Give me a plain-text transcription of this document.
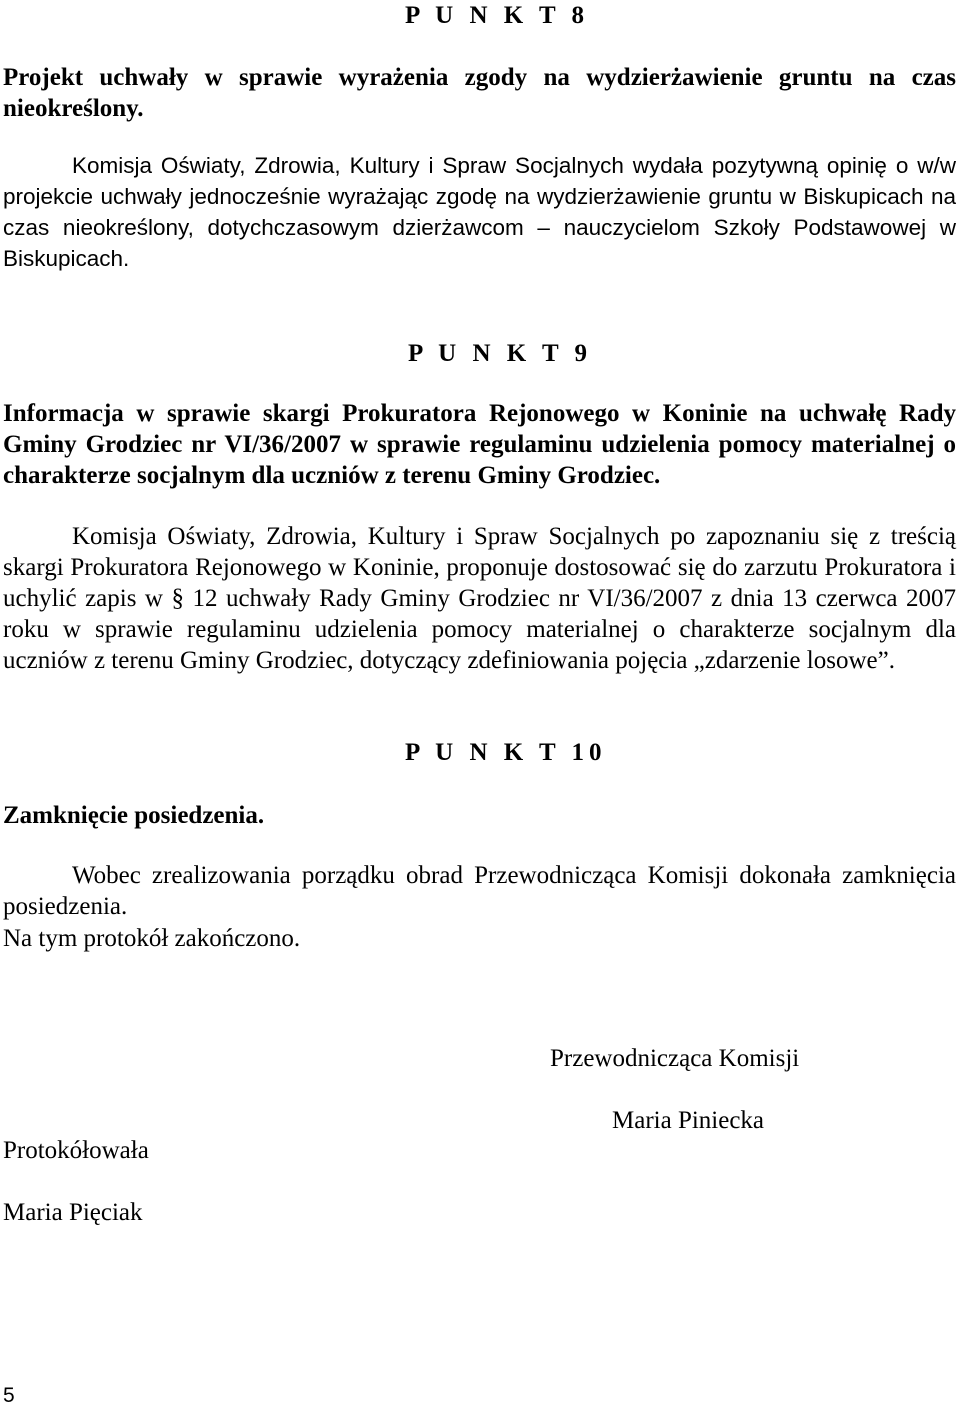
P U N K T 8
Projekt uchwały w sprawie wyrażenia zgody na wydzierżawienie gruntu na czas nieokreślony.
Komisja Oświaty, Zdrowia, Kultury i Spraw Socjalnych wydała pozytywną opinię o w/w projekcie uchwały jednocześnie wyrażając zgodę na wydzierżawienie gruntu w Biskupicach na czas nieokreślony, dotychczasowym dzierżawcom – nauczycielom Szkoły Podstawowej w Biskupicach.
P U N K T 9
Informacja w sprawie skargi Prokuratora Rejonowego w Koninie na uchwałę Rady Gminy Grodziec nr VI/36/2007 w sprawie regulaminu udzielenia pomocy materialnej o charakterze socjalnym dla uczniów z terenu Gminy Grodziec.
Komisja Oświaty, Zdrowia, Kultury i Spraw Socjalnych po zapoznaniu się z treścią skargi Prokuratora Rejonowego w Koninie, proponuje dostosować się do zarzutu Prokuratora i uchylić zapis w § 12 uchwały Rady Gminy Grodziec nr VI/36/2007 z dnia 13 czerwca 2007 roku w sprawie regulaminu udzielenia pomocy materialnej o charakterze socjalnym dla uczniów z terenu Gminy Grodziec, dotyczący zdefiniowania pojęcia „zdarzenie losowe”.
P U N K T 10
Zamknięcie posiedzenia.
Wobec zrealizowania porządku obrad Przewodnicząca Komisji dokonała zamknięcia posiedzenia.
Na tym protokół zakończono.
Przewodnicząca Komisji
Maria Piniecka
Protokółowała
Maria Pięciak
5
